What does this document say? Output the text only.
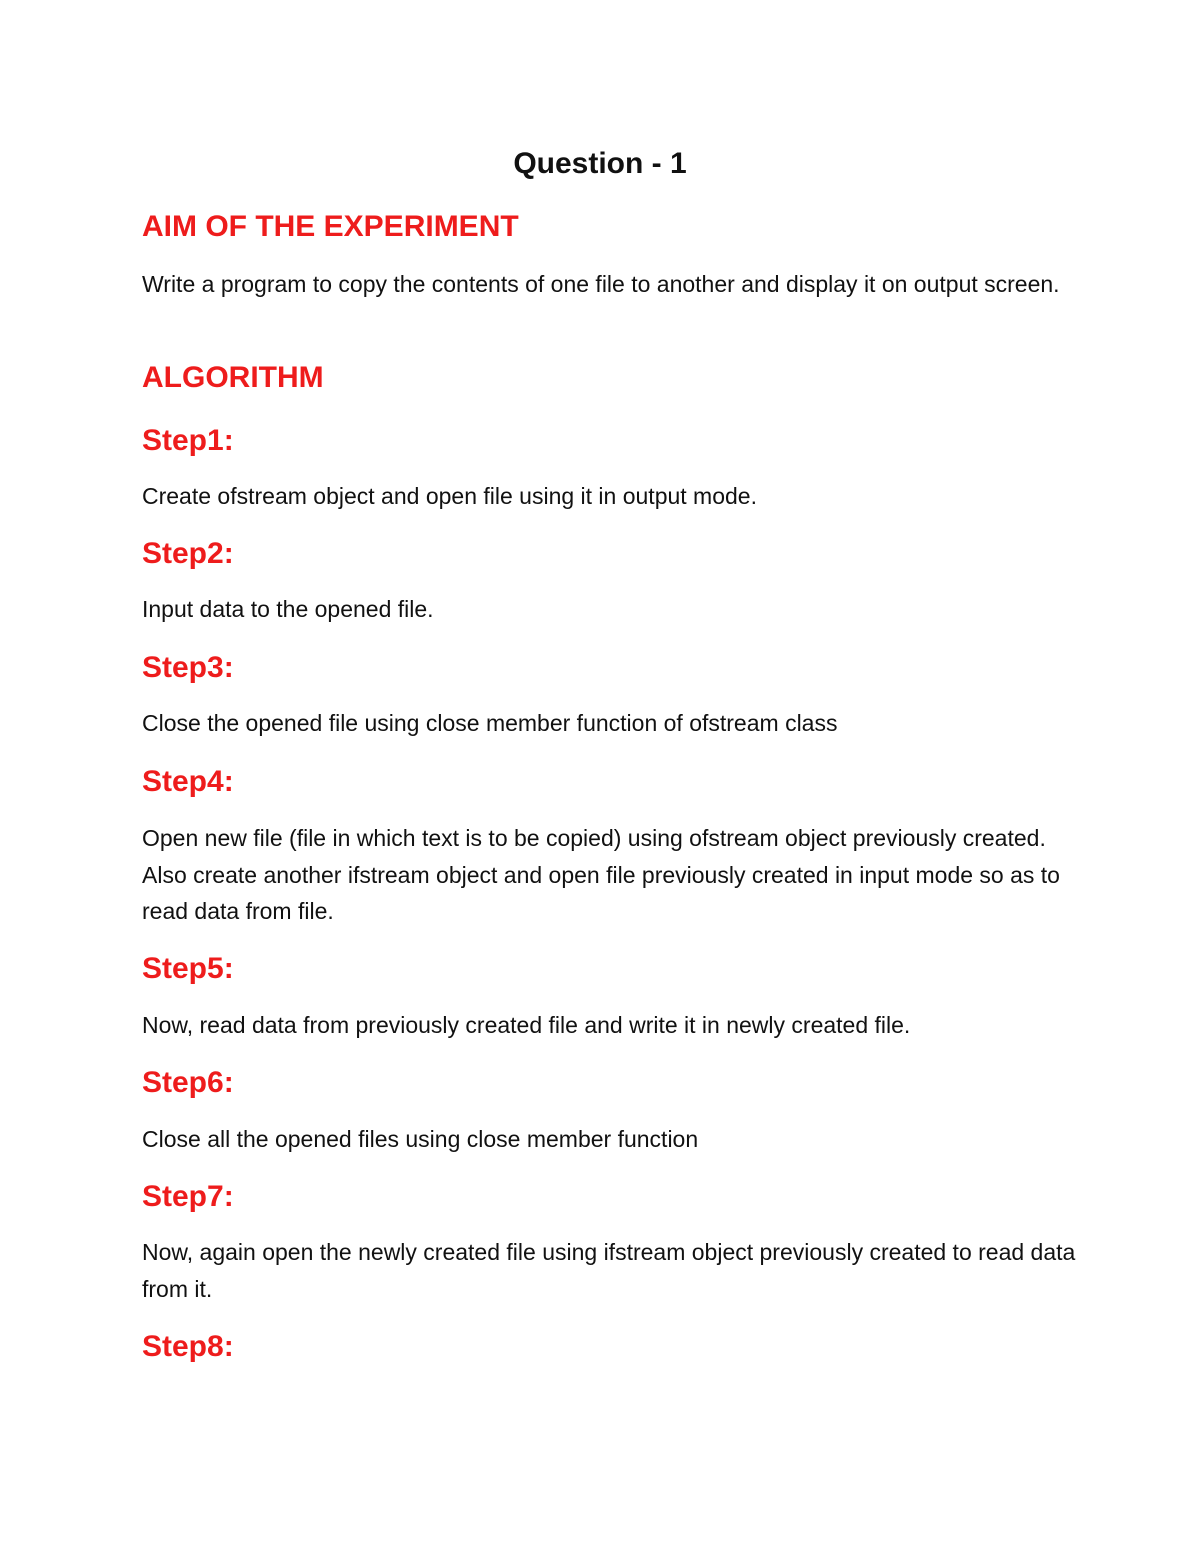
Question - 1
AIM OF THE EXPERIMENT

Write a program to copy the contents of one file to another and display it on output screen.

ALGORITHM
Step1:

Create ofstream object and open file using it in output mode.

Step2:

Input data to the opened file.

Step3:

Close the opened file using close member function of ofstream class

Step4:

Open new file (file in which text is to be copied) using ofstream object previously created. Also create another ifstream object and open file previously created in input mode so as to read data from file.

Step5:

Now, read data from previously created file and write it in newly created file.

Step6:

Close all the opened files using close member function

Step7:

Now, again open the newly created file using ifstream object previously created to read data from it.

Step8:
